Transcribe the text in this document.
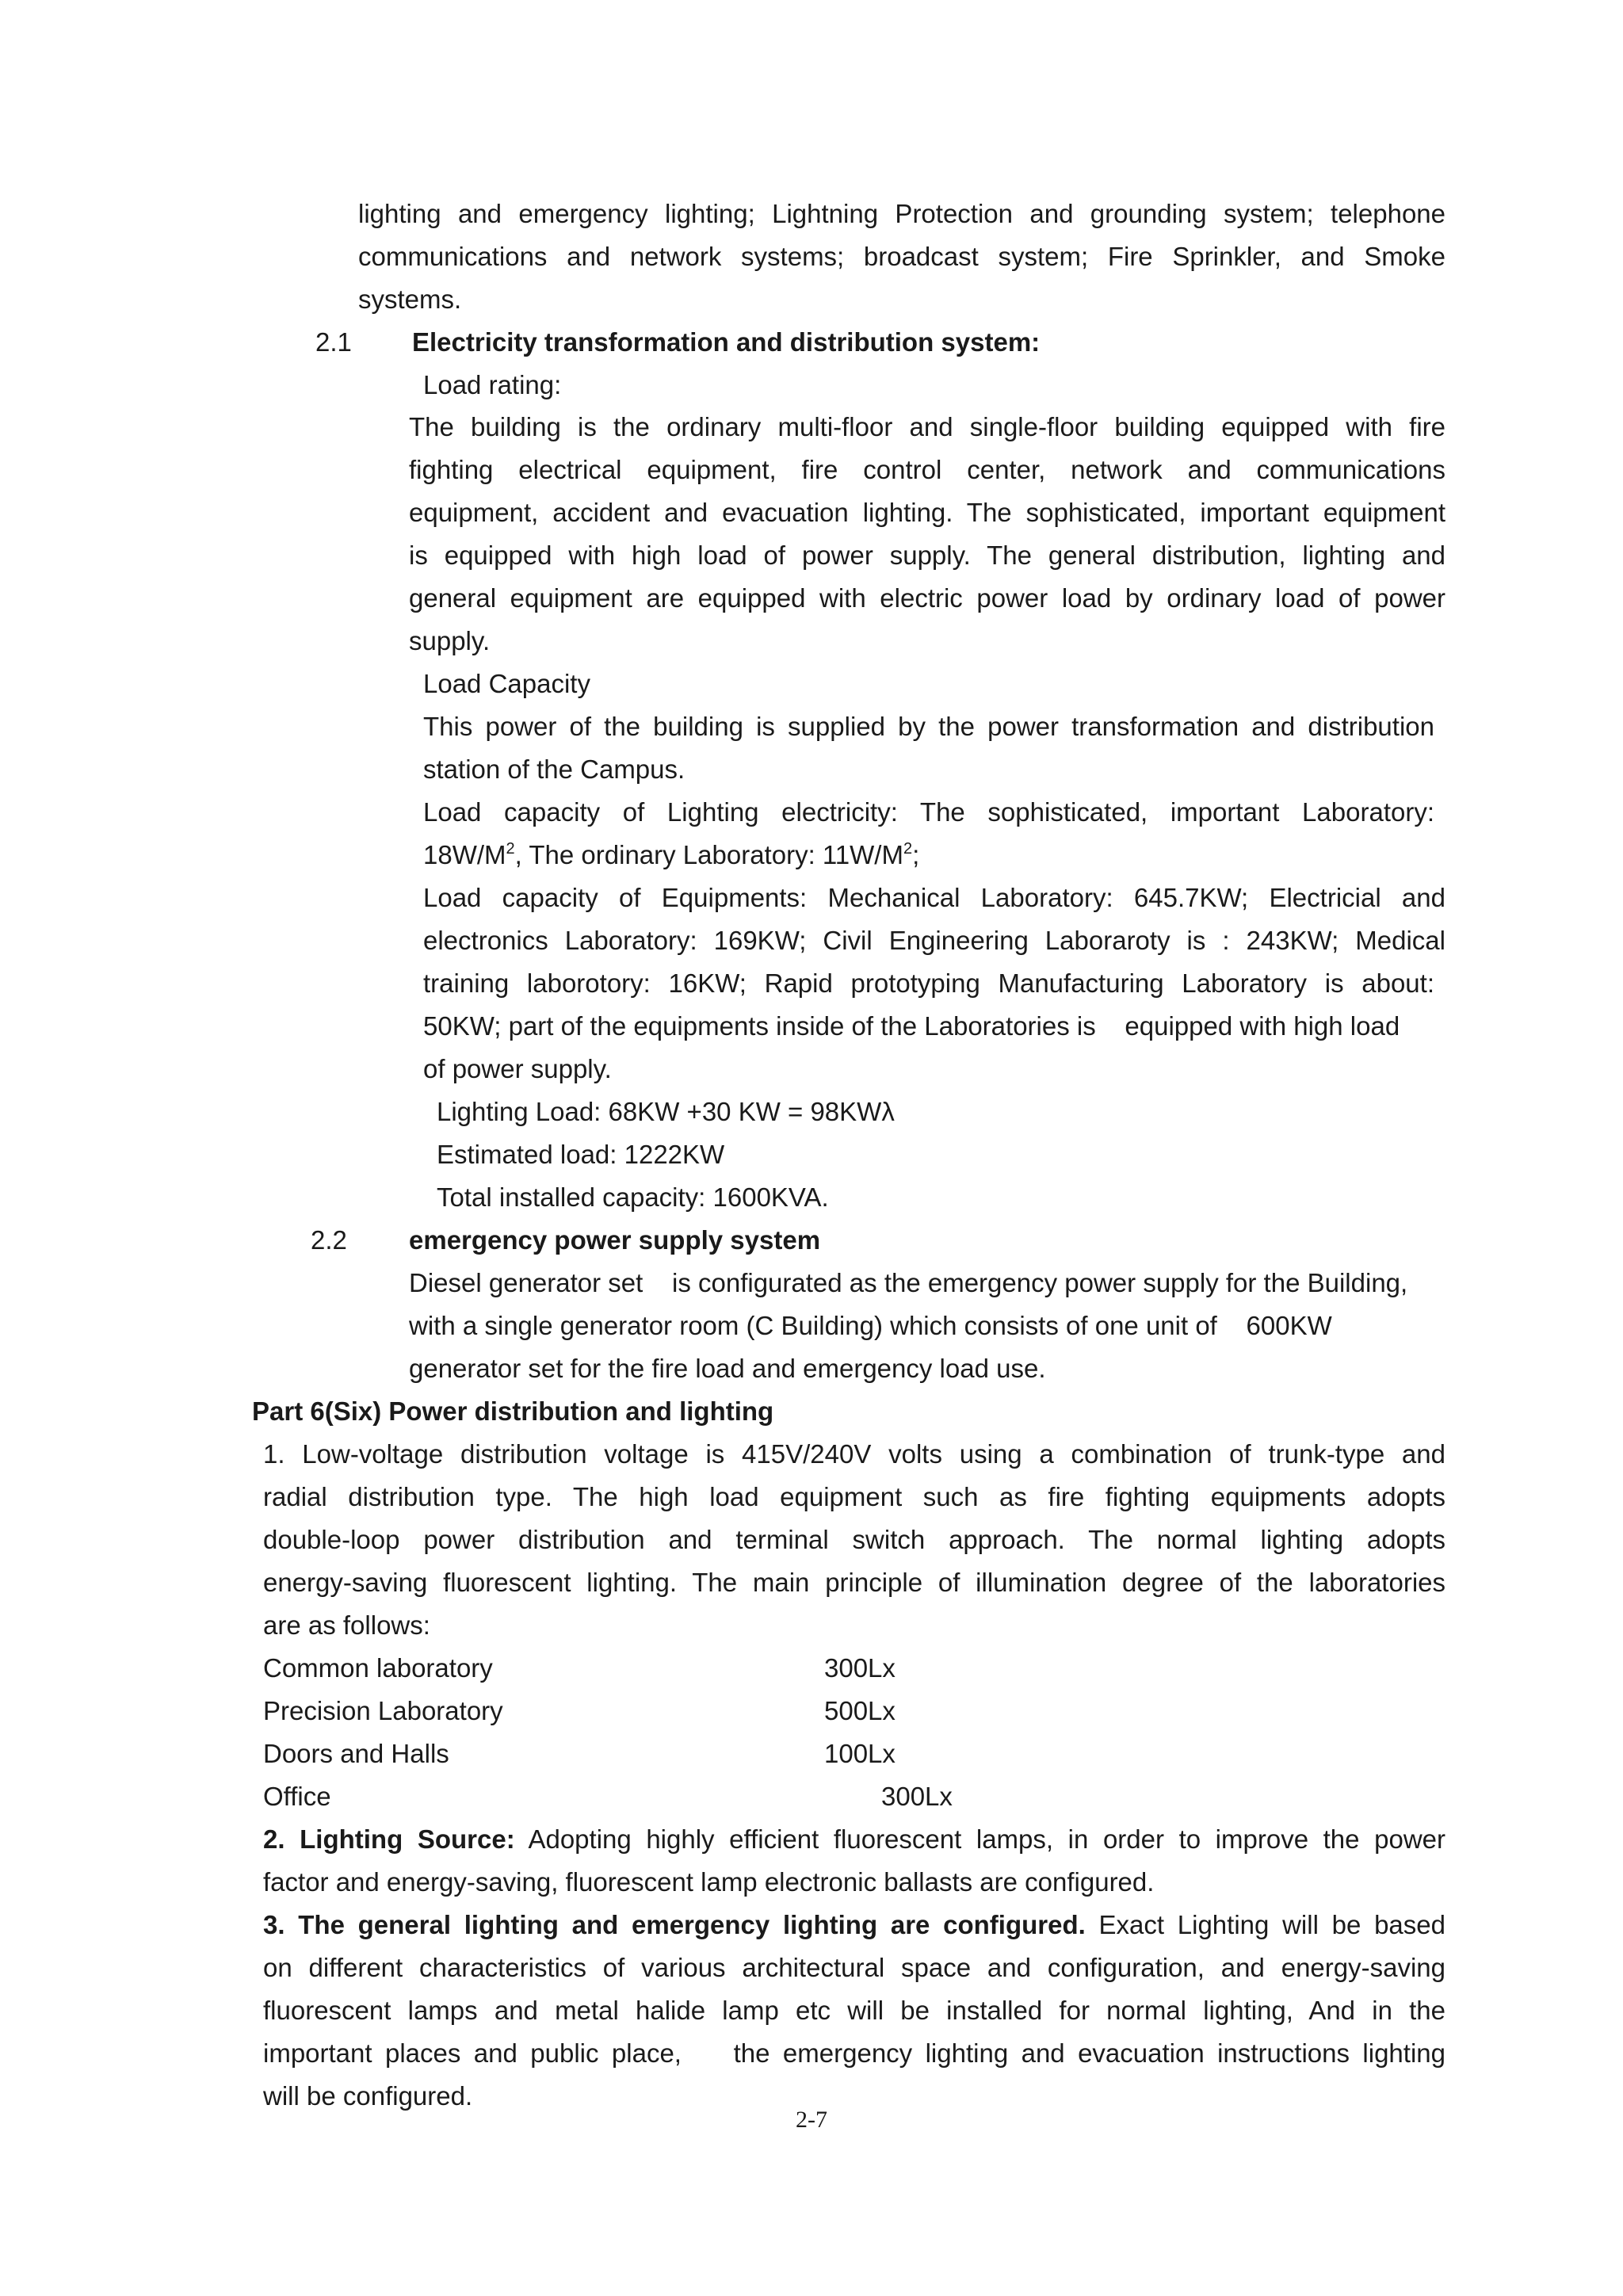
lighting and emergency lighting; Lightning Protection and grounding system; telephone
communications and network systems; broadcast system; Fire Sprinkler, and Smoke
systems.
2.1 Electricity transformation and distribution system:
Load rating:
The building is the ordinary multi-floor and single-floor building equipped with fire
fighting electrical equipment, fire control center, network and communications
equipment, accident and evacuation lighting. The sophisticated, important equipment
is equipped with high load of power supply. The general distribution, lighting and
general equipment are equipped with electric power load by ordinary load of power
supply.
Load Capacity
This power of the building is supplied by the power transformation and distribution
station of the Campus.
Load capacity of Lighting electricity: The sophisticated, important Laboratory:
$18W/M^2$, The ordinary Laboratory: $11W/M^2$;
Load capacity of Equipments: Mechanical Laboratory: 645.7KW; Electricial and
electronics Laboratory: 169KW; Civil Engineering Laboraroty is : 243KW; Medical
training laborotory: 16KW; Rapid prototyping Manufacturing Laboratory is about:
50KW; part of the equipments inside of the Laboratories is    equipped with high load
of power supply.
Lighting Load: 68KW +30 KW = 98KWλ
Estimated load: 1222KW
Total installed capacity: 1600KVA.
2.2 emergency power supply system
Diesel generator set    is configurated as the emergency power supply for the Building,
with a single generator room (C Building) which consists of one unit of    600KW
generator set for the fire load and emergency load use.
Part 6(Six) Power distribution and lighting
1. Low-voltage distribution voltage is 415V/240V volts using a combination of trunk-type and
radial distribution type. The high load equipment such as fire fighting equipments adopts
double-loop power distribution and terminal switch approach. The normal lighting adopts
energy-saving fluorescent lighting. The main principle of illumination degree of the laboratories
are as follows:
Common laboratory	300Lx
Precision Laboratory	500Lx
Doors and Halls	100Lx
Office	300Lx
2. Lighting Source: Adopting highly efficient fluorescent lamps, in order to improve the power
factor and energy-saving, fluorescent lamp electronic ballasts are configured.
3. The general lighting and emergency lighting are configured. Exact Lighting will be based
on different characteristics of various architectural space and configuration, and energy-saving
fluorescent lamps and metal halide lamp etc will be installed for normal lighting, And in the
important places and public place,    the emergency lighting and evacuation instructions lighting
will be configured.
2-7
